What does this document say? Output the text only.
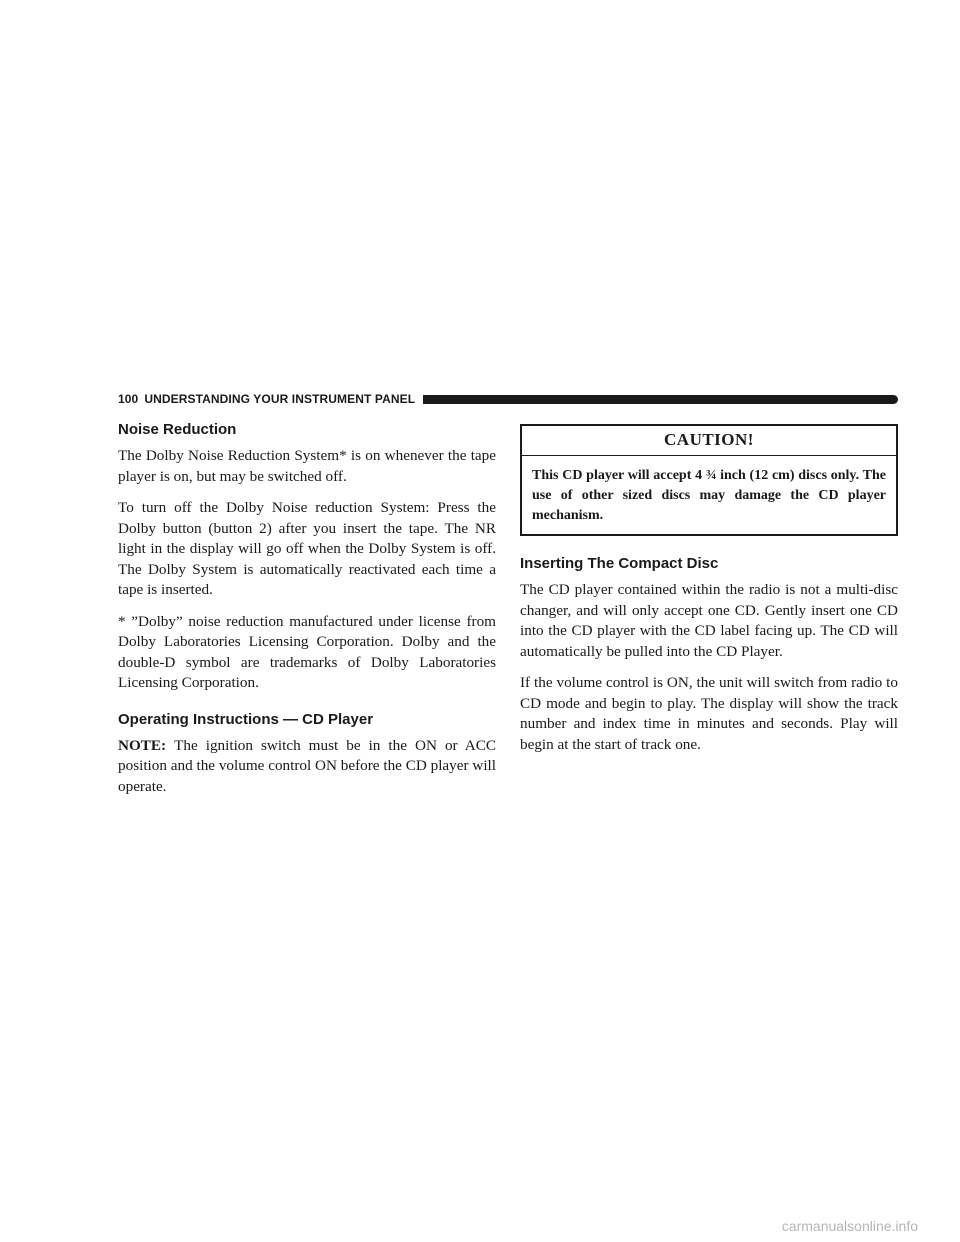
100 UNDERSTANDING YOUR INSTRUMENT PANEL
Noise Reduction

The Dolby Noise Reduction System* is on whenever the tape player is on, but may be switched off.

To turn off the Dolby Noise reduction System: Press the Dolby button (button 2) after you insert the tape. The NR light in the display will go off when the Dolby System is off. The Dolby System is automatically reactivated each time a tape is inserted.

* ”Dolby” noise reduction manufactured under license from Dolby Laboratories Licensing Corporation. Dolby and the double-D symbol are trademarks of Dolby Laboratories Licensing Corporation.

Operating Instructions — CD Player

NOTE: The ignition switch must be in the ON or ACC position and the volume control ON before the CD player will operate.

CAUTION!
This CD player will accept 4 ¾ inch (12 cm) discs only. The use of other sized discs may damage the CD player mechanism.
Inserting The Compact Disc

The CD player contained within the radio is not a multi-disc changer, and will only accept one CD. Gently insert one CD into the CD player with the CD label facing up. The CD will automatically be pulled into the CD Player.

If the volume control is ON, the unit will switch from radio to CD mode and begin to play. The display will show the track number and index time in minutes and seconds. Play will begin at the start of track one.

carmanualsonline.info
